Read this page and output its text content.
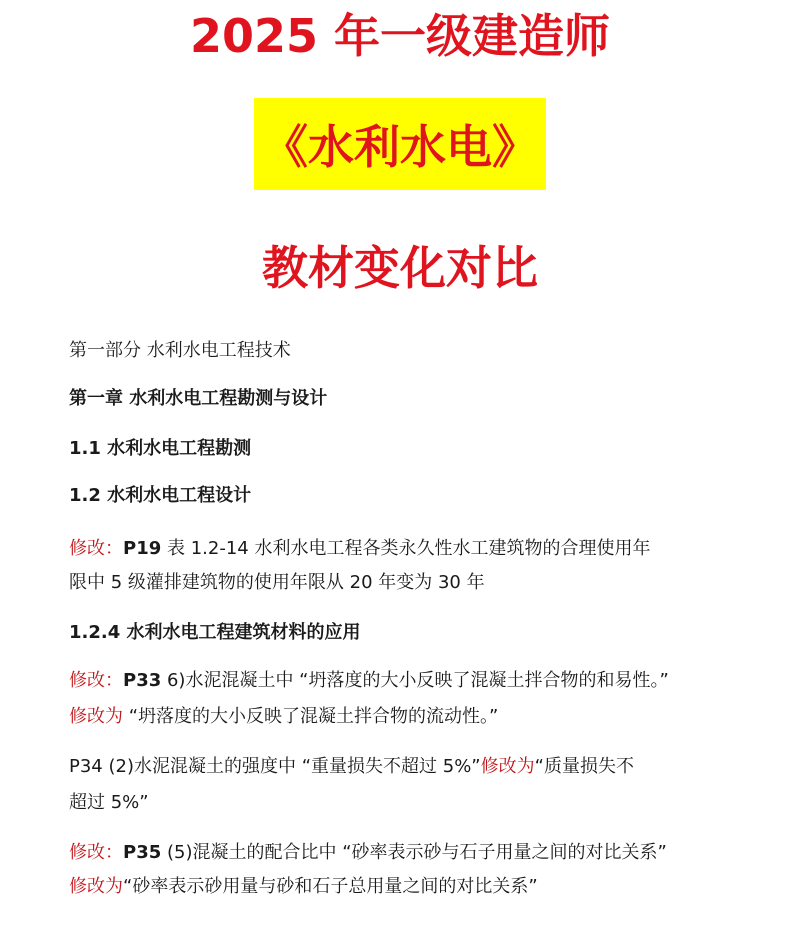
2025 年一级建造师
《水利水电》
教材变化对比
第一部分 水利水电工程技术
第一章 水利水电工程勘测与设计
1.1 水利水电工程勘测
1.2 水利水电工程设计
修改：P19 表 1.2-14 水利水电工程各类永久性水工建筑物的合理使用年
限中 5 级灌排建筑物的使用年限从 20 年变为 30 年
1.2.4 水利水电工程建筑材料的应用
修改：P33 6)水泥混凝土中 “坍落度的大小反映了混凝土拌合物的和易性。”
修改为 “坍落度的大小反映了混凝土拌合物的流动性。”
P34 (2)水泥混凝土的强度中 “重量损失不超过 5%”修改为“质量损失不
超过 5%”
修改：P35 (5)混凝土的配合比中 “砂率表示砂与石子用量之间的对比关系”
修改为“砂率表示砂用量与砂和石子总用量之间的对比关系”
